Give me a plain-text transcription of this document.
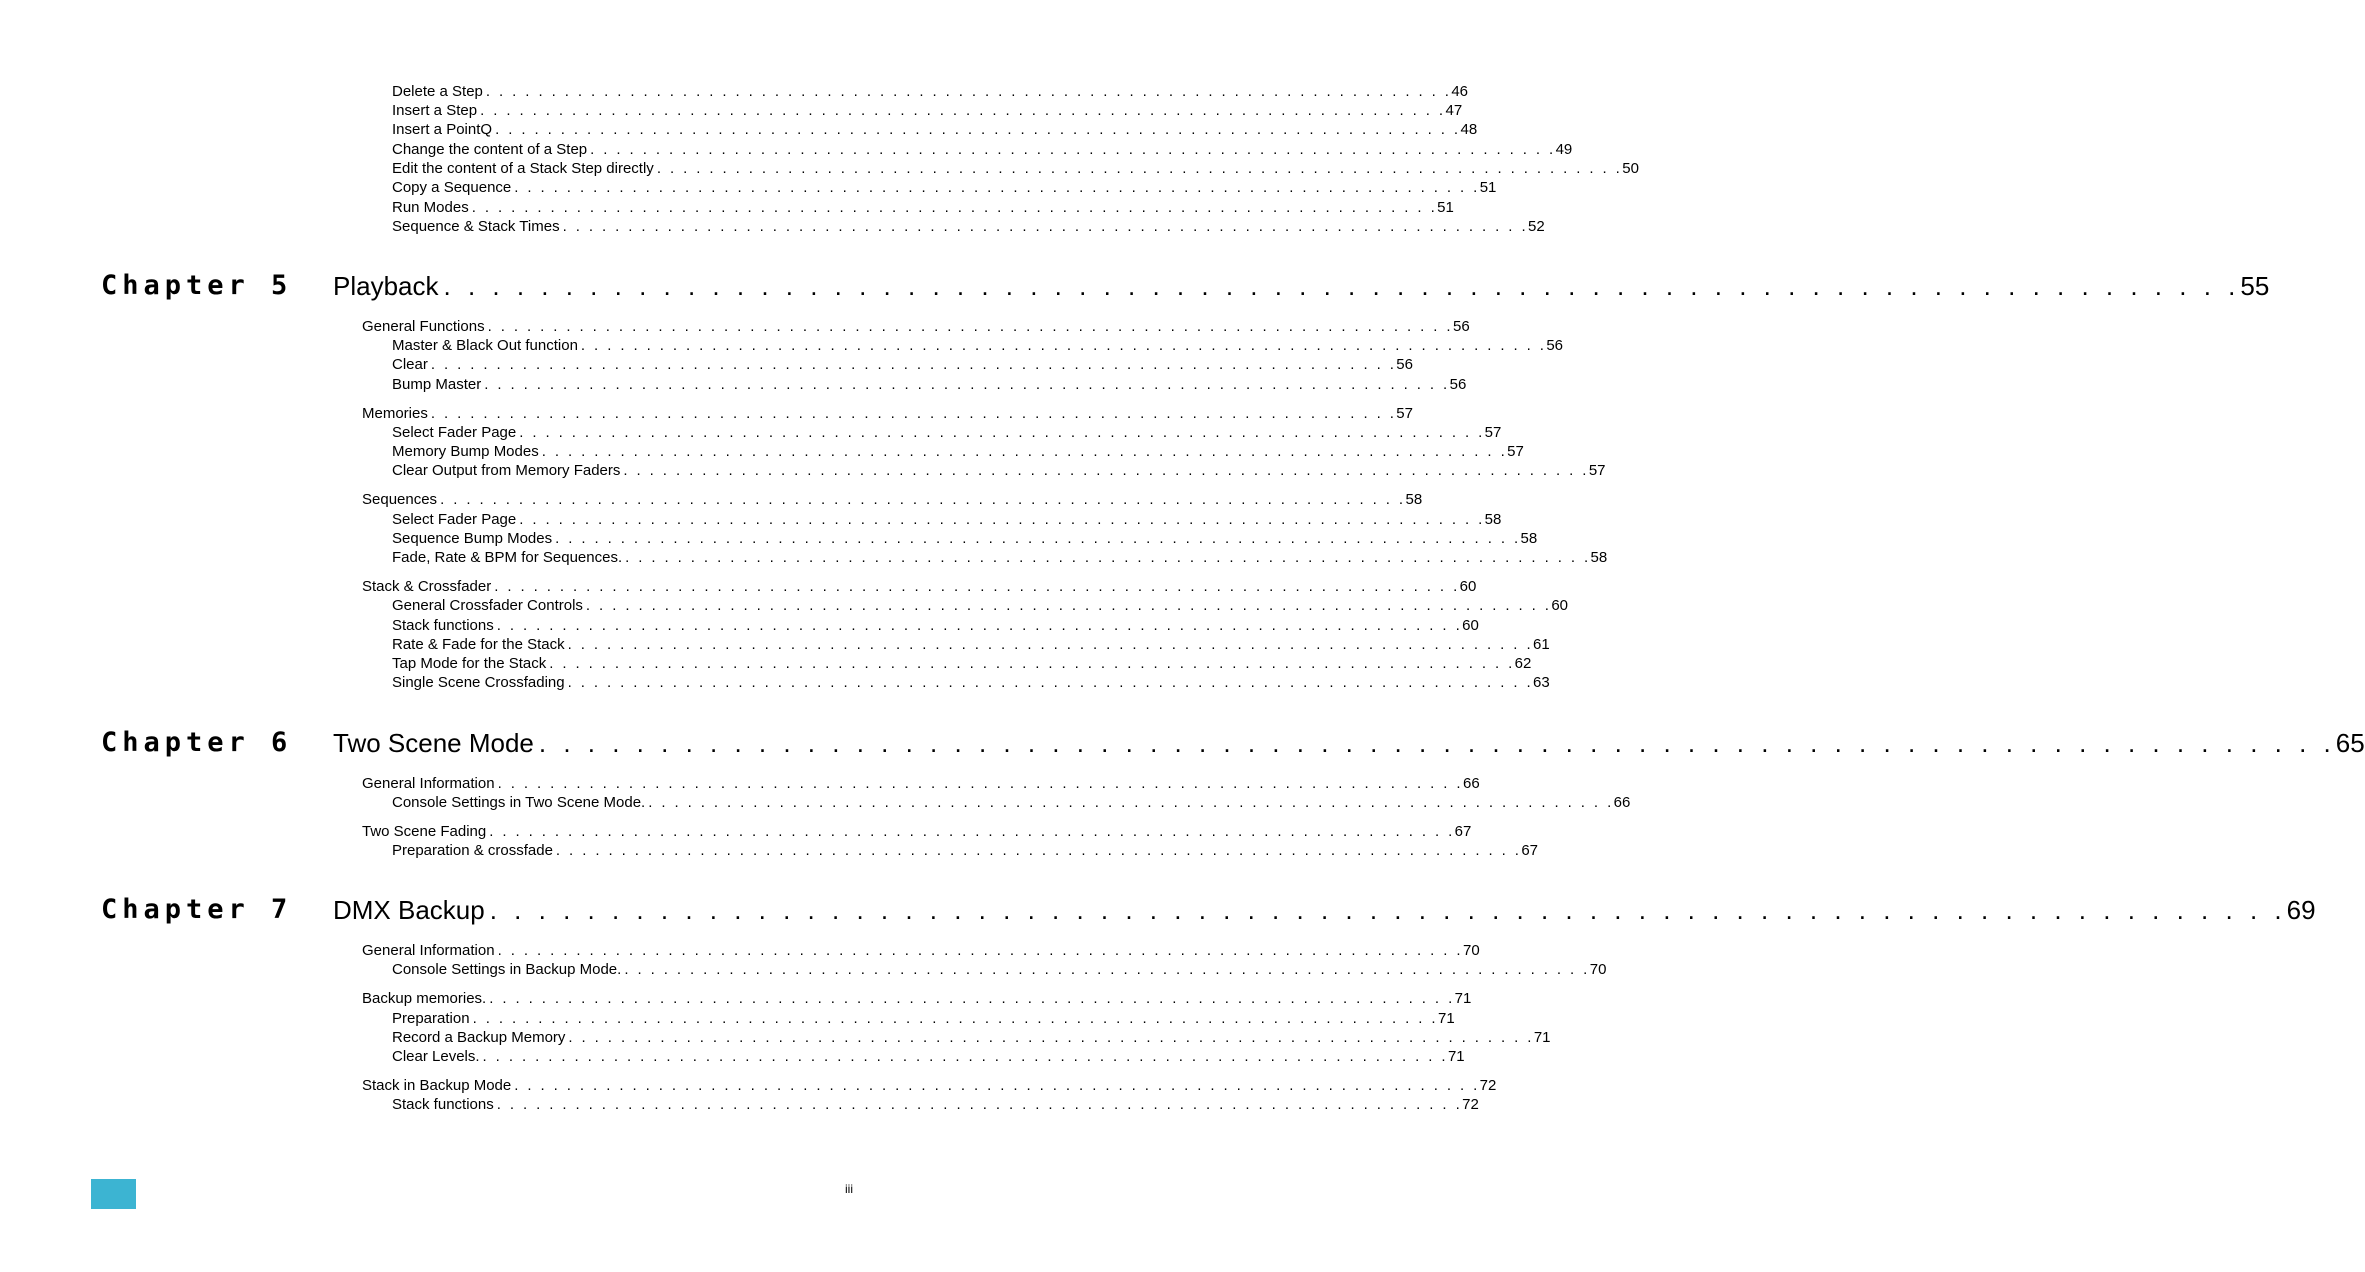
Delete a Step . . . . . . . . . . . . . . . . . . . . . . . . . . . . . . . . . . . . . . . . . . . . . . . . . . . . . . . . . . . . . . . . . . . . . . . . . . 46
Insert a Step . . . . . . . . . . . . . . . . . . . . . . . . . . . . . . . . . . . . . . . . . . . . . . . . . . . . . . . . . . . . . . . . . . . . . . . . . . 47
Insert a PointQ . . . . . . . . . . . . . . . . . . . . . . . . . . . . . . . . . . . . . . . . . . . . . . . . . . . . . . . . . . . . . . . . . . . . . . . . . . 48
Change the content of a Step . . . . . . . . . . . . . . . . . . . . . . . . . . . . . . . . . . . . . . . . . . . . . . . . . . . . . . . . . . . . . . . . . . . . . . . . . . 49
Edit the content of a Stack Step directly . . . . . . . . . . . . . . . . . . . . . . . . . . . . . . . . . . . . . . . . . . . . . . . . . . . . . . . . . . . . . . . . . . . . . . . . . . 50
Copy a Sequence . . . . . . . . . . . . . . . . . . . . . . . . . . . . . . . . . . . . . . . . . . . . . . . . . . . . . . . . . . . . . . . . . . . . . . . . . . 51
Run Modes . . . . . . . . . . . . . . . . . . . . . . . . . . . . . . . . . . . . . . . . . . . . . . . . . . . . . . . . . . . . . . . . . . . . . . . . . . 51
Sequence & Stack Times . . . . . . . . . . . . . . . . . . . . . . . . . . . . . . . . . . . . . . . . . . . . . . . . . . . . . . . . . . . . . . . . . . . . . . . . . . 52
Chapter 5 Playback . . . . . . . . . . . . . . . . . . . . . . . . . . . . . . . . . . . . . . . . . . . . . . . . . . . . . . . . . . . . . . . . . . . . . . . . . . 55
General Functions . . . . . . . . . . . . . . . . . . . . . . . . . . . . . . . . . . . . . . . . . . . . . . . . . . . . . . . . . . . . . . . . . . . . . . . . . . 56
Master & Black Out function . . . . . . . . . . . . . . . . . . . . . . . . . . . . . . . . . . . . . . . . . . . . . . . . . . . . . . . . . . . . . . . . . . . . . . . . . . 56
Clear . . . . . . . . . . . . . . . . . . . . . . . . . . . . . . . . . . . . . . . . . . . . . . . . . . . . . . . . . . . . . . . . . . . . . . . . . . 56
Bump Master . . . . . . . . . . . . . . . . . . . . . . . . . . . . . . . . . . . . . . . . . . . . . . . . . . . . . . . . . . . . . . . . . . . . . . . . . . 56
Memories . . . . . . . . . . . . . . . . . . . . . . . . . . . . . . . . . . . . . . . . . . . . . . . . . . . . . . . . . . . . . . . . . . . . . . . . . . 57
Select Fader Page . . . . . . . . . . . . . . . . . . . . . . . . . . . . . . . . . . . . . . . . . . . . . . . . . . . . . . . . . . . . . . . . . . . . . . . . . . 57
Memory Bump Modes . . . . . . . . . . . . . . . . . . . . . . . . . . . . . . . . . . . . . . . . . . . . . . . . . . . . . . . . . . . . . . . . . . . . . . . . . . 57
Clear Output from Memory Faders . . . . . . . . . . . . . . . . . . . . . . . . . . . . . . . . . . . . . . . . . . . . . . . . . . . . . . . . . . . . . . . . . . . . . . . . . . 57
Sequences . . . . . . . . . . . . . . . . . . . . . . . . . . . . . . . . . . . . . . . . . . . . . . . . . . . . . . . . . . . . . . . . . . . . . . . . . . 58
Select Fader Page . . . . . . . . . . . . . . . . . . . . . . . . . . . . . . . . . . . . . . . . . . . . . . . . . . . . . . . . . . . . . . . . . . . . . . . . . . 58
Sequence Bump Modes . . . . . . . . . . . . . . . . . . . . . . . . . . . . . . . . . . . . . . . . . . . . . . . . . . . . . . . . . . . . . . . . . . . . . . . . . . 58
Fade, Rate & BPM for Sequences. . . . . . . . . . . . . . . . . . . . . . . . . . . . . . . . . . . . . . . . . . . . . . . . . . . . . . . . . . . . . . . . . . . . . . . . . . . 58
Stack & Crossfader . . . . . . . . . . . . . . . . . . . . . . . . . . . . . . . . . . . . . . . . . . . . . . . . . . . . . . . . . . . . . . . . . . . . . . . . . . 60
General Crossfader Controls . . . . . . . . . . . . . . . . . . . . . . . . . . . . . . . . . . . . . . . . . . . . . . . . . . . . . . . . . . . . . . . . . . . . . . . . . . 60
Stack functions . . . . . . . . . . . . . . . . . . . . . . . . . . . . . . . . . . . . . . . . . . . . . . . . . . . . . . . . . . . . . . . . . . . . . . . . . . 60
Rate & Fade for the Stack . . . . . . . . . . . . . . . . . . . . . . . . . . . . . . . . . . . . . . . . . . . . . . . . . . . . . . . . . . . . . . . . . . . . . . . . . . 61
Tap Mode for the Stack . . . . . . . . . . . . . . . . . . . . . . . . . . . . . . . . . . . . . . . . . . . . . . . . . . . . . . . . . . . . . . . . . . . . . . . . . . 62
Single Scene Crossfading . . . . . . . . . . . . . . . . . . . . . . . . . . . . . . . . . . . . . . . . . . . . . . . . . . . . . . . . . . . . . . . . . . . . . . . . . . 63
Chapter 6 Two Scene Mode . . . . . . . . . . . . . . . . . . . . . . . . . . . . . . . . . . . . . . . . . . . . . . . . . . . . . . . . . . . . . . . . . . . . . . . . . . 65
General Information . . . . . . . . . . . . . . . . . . . . . . . . . . . . . . . . . . . . . . . . . . . . . . . . . . . . . . . . . . . . . . . . . . . . . . . . . . 66
Console Settings in Two Scene Mode. . . . . . . . . . . . . . . . . . . . . . . . . . . . . . . . . . . . . . . . . . . . . . . . . . . . . . . . . . . . . . . . . . . . . . . . . . . 66
Two Scene Fading . . . . . . . . . . . . . . . . . . . . . . . . . . . . . . . . . . . . . . . . . . . . . . . . . . . . . . . . . . . . . . . . . . . . . . . . . . 67
Preparation & crossfade . . . . . . . . . . . . . . . . . . . . . . . . . . . . . . . . . . . . . . . . . . . . . . . . . . . . . . . . . . . . . . . . . . . . . . . . . . 67
Chapter 7 DMX Backup . . . . . . . . . . . . . . . . . . . . . . . . . . . . . . . . . . . . . . . . . . . . . . . . . . . . . . . . . . . . . . . . . . . . . . . . . . 69
General Information . . . . . . . . . . . . . . . . . . . . . . . . . . . . . . . . . . . . . . . . . . . . . . . . . . . . . . . . . . . . . . . . . . . . . . . . . . 70
Console Settings in Backup Mode. . . . . . . . . . . . . . . . . . . . . . . . . . . . . . . . . . . . . . . . . . . . . . . . . . . . . . . . . . . . . . . . . . . . . . . . . . . 70
Backup memories. . . . . . . . . . . . . . . . . . . . . . . . . . . . . . . . . . . . . . . . . . . . . . . . . . . . . . . . . . . . . . . . . . . . . . . . . . . 71
Preparation . . . . . . . . . . . . . . . . . . . . . . . . . . . . . . . . . . . . . . . . . . . . . . . . . . . . . . . . . . . . . . . . . . . . . . . . . . 71
Record a Backup Memory . . . . . . . . . . . . . . . . . . . . . . . . . . . . . . . . . . . . . . . . . . . . . . . . . . . . . . . . . . . . . . . . . . . . . . . . . . 71
Clear Levels. . . . . . . . . . . . . . . . . . . . . . . . . . . . . . . . . . . . . . . . . . . . . . . . . . . . . . . . . . . . . . . . . . . . . . . . . . . 71
Stack in Backup Mode . . . . . . . . . . . . . . . . . . . . . . . . . . . . . . . . . . . . . . . . . . . . . . . . . . . . . . . . . . . . . . . . . . . . . . . . . . 72
Stack functions . . . . . . . . . . . . . . . . . . . . . . . . . . . . . . . . . . . . . . . . . . . . . . . . . . . . . . . . . . . . . . . . . . . . . . . . . . 72
iii
